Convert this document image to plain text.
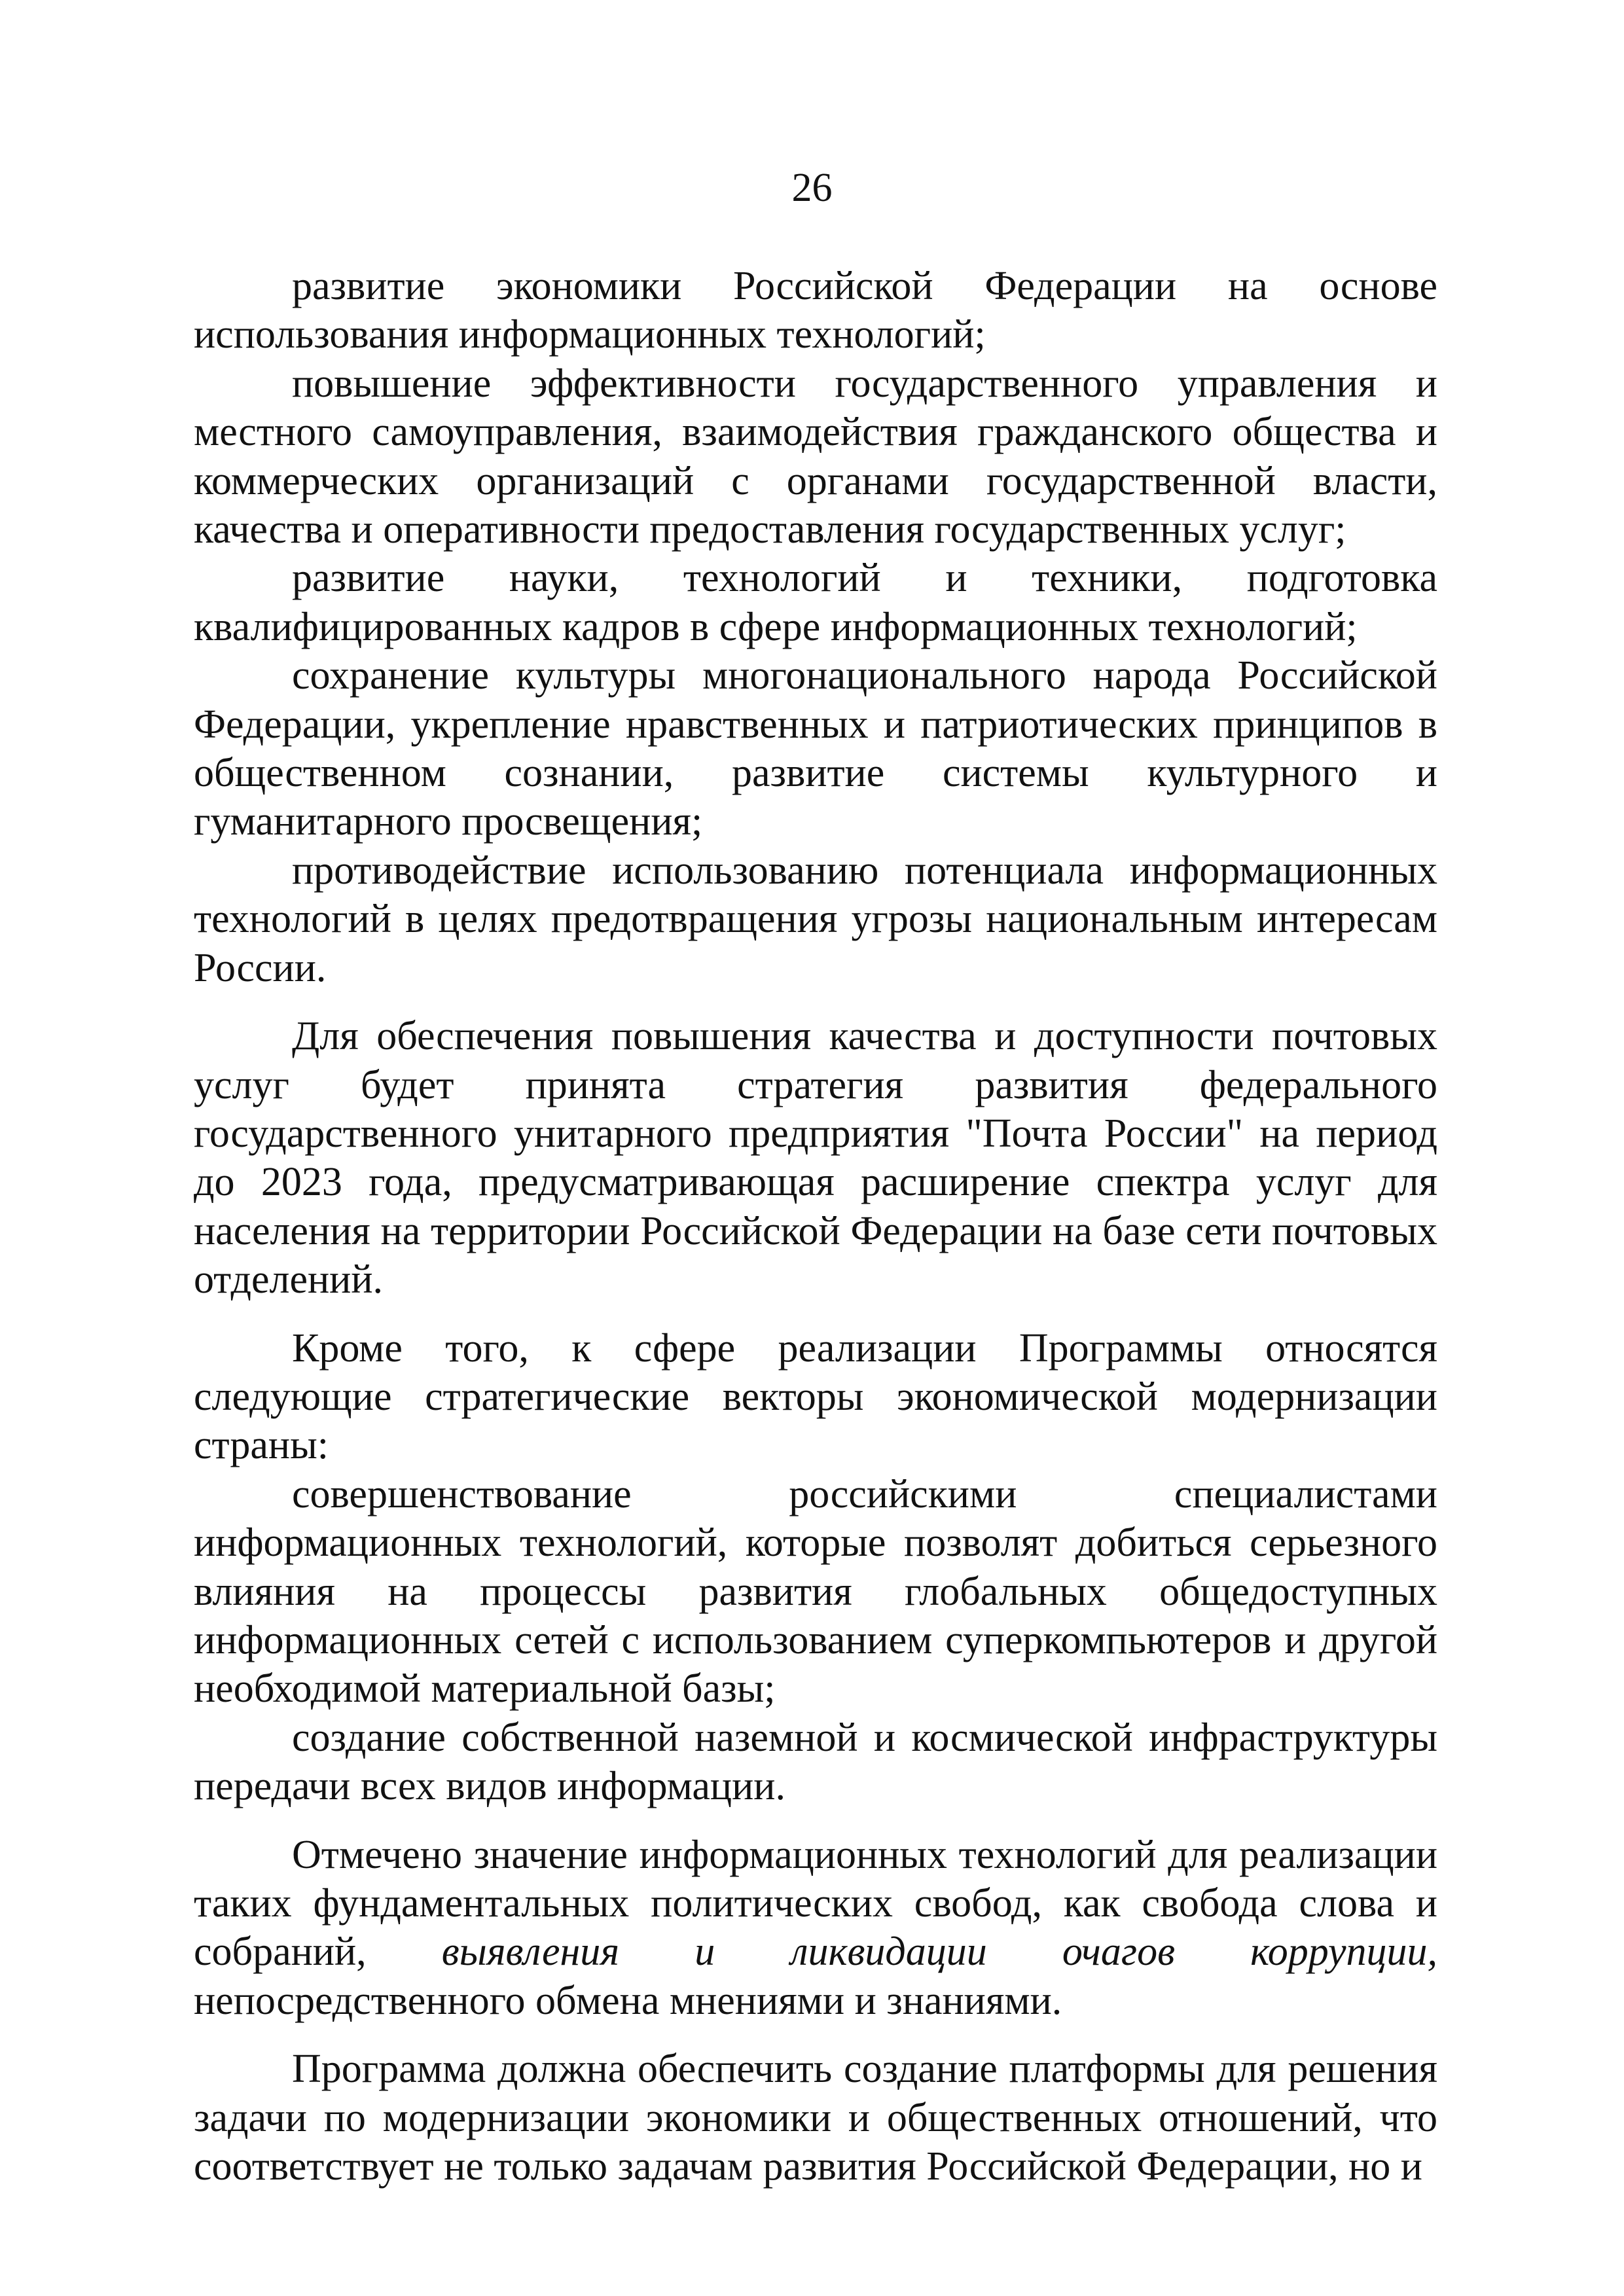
26

развитие экономики Российской Федерации на основе использования информационных технологий;

повышение эффективности государственного управления и местного самоуправления, взаимодействия гражданского общества и коммерческих организаций с органами государственной власти, качества и оперативности предоставления государственных услуг;

развитие науки, технологий и техники, подготовка квалифицированных кадров в сфере информационных технологий;

сохранение культуры многонационального народа Российской Федерации, укрепление нравственных и патриотических принципов в общественном сознании, развитие системы культурного и гуманитарного просвещения;

противодействие использованию потенциала информационных технологий в целях предотвращения угрозы национальным интересам России.

Для обеспечения повышения качества и доступности почтовых услуг будет принята стратегия развития федерального государственного унитарного предприятия "Почта России" на период до 2023 года, предусматривающая расширение спектра услуг для населения на территории Российской Федерации на базе сети почтовых отделений.

Кроме того, к сфере реализации Программы относятся следующие стратегические векторы экономической модернизации страны:

совершенствование российскими специалистами информационных технологий, которые позволят добиться серьезного влияния на процессы развития глобальных общедоступных информационных сетей с использованием суперкомпьютеров и другой необходимой материальной базы;

создание собственной наземной и космической инфраструктуры передачи всех видов информации.

Отмечено значение информационных технологий для реализации таких фундаментальных политических свобод, как свобода слова и собраний, выявления и ликвидации очагов коррупции, непосредственного обмена мнениями и знаниями.

Программа должна обеспечить создание платформы для решения задачи по модернизации экономики и общественных отношений, что соответствует не только задачам развития Российской Федерации, но и
